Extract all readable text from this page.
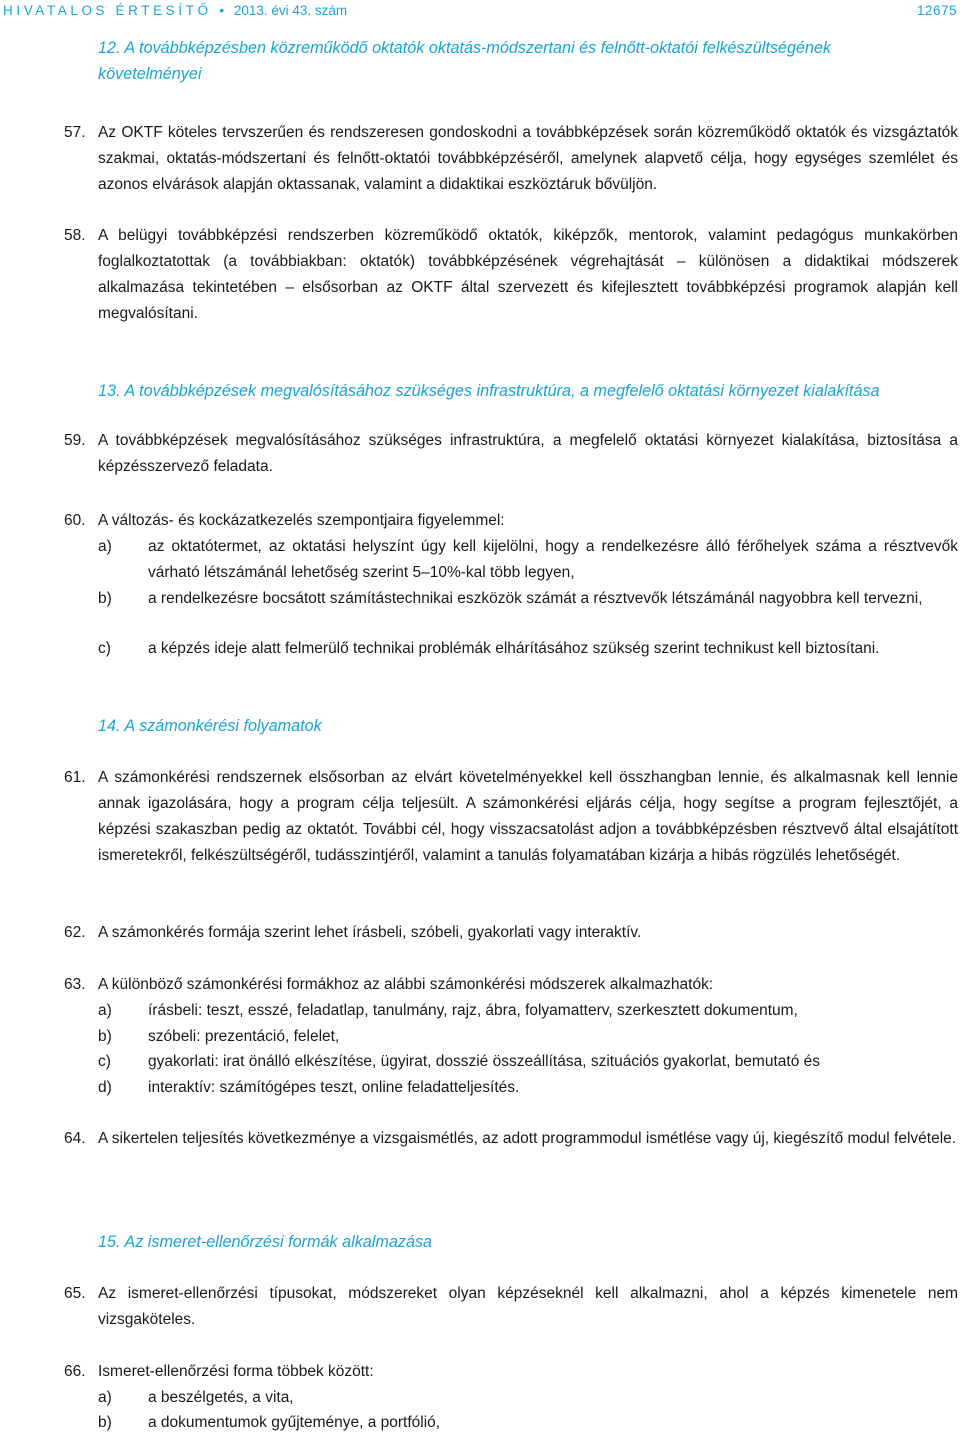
HIVATALOS ÉRTESÍTŐ • 2013. évi 43. szám	12675
12. A továbbképzésben közreműködő oktatók oktatás-módszertani és felnőtt-oktatói felkészültségének
követelményei
57. Az OKTF köteles tervszerűen és rendszeresen gondoskodni a továbbképzések során közreműködő oktatók és vizsgáztatók szakmai, oktatás-módszertani és felnőtt-oktatói továbbképzéséről, amelynek alapvető célja, hogy egységes szemlélet és azonos elvárások alapján oktassanak, valamint a didaktikai eszköztáruk bővüljön.
58. A belügyi továbbképzési rendszerben közreműködő oktatók, kiképzők, mentorok, valamint pedagógus munkakörben foglalkoztatottak (a továbbiakban: oktatók) továbbképzésének végrehajtását – különösen a didaktikai módszerek alkalmazása tekintetében – elsősorban az OKTF által szervezett és kifejlesztett továbbképzési programok alapján kell megvalósítani.
13. A továbbképzések megvalósításához szükséges infrastruktúra, a megfelelő oktatási környezet kialakítása
59. A továbbképzések megvalósításához szükséges infrastruktúra, a megfelelő oktatási környezet kialakítása, biztosítása a képzésszervező feladata.
60. A változás- és kockázatkezelés szempontjaira figyelemmel:
a) az oktatótermet, az oktatási helyszínt úgy kell kijelölni, hogy a rendelkezésre álló férőhelyek száma a résztvevők várható létszámánál lehetőség szerint 5–10%-kal több legyen,
b) a rendelkezésre bocsátott számítástechnikai eszközök számát a résztvevők létszámánál nagyobbra kell tervezni,
c) a képzés ideje alatt felmerülő technikai problémák elhárításához szükség szerint technikust kell biztosítani.
14. A számonkérési folyamatok
61. A számonkérési rendszernek elsősorban az elvárt követelményekkel kell összhangban lennie, és alkalmasnak kell lennie annak igazolására, hogy a program célja teljesült. A számonkérési eljárás célja, hogy segítse a program fejlesztőjét, a képzési szakaszban pedig az oktatót. További cél, hogy visszacsatolást adjon a továbbképzésben résztvevő által elsajátított ismeretekről, felkészültségéről, tudásszintjéről, valamint a tanulás folyamatában kizárja a hibás rögzülés lehetőségét.
62. A számonkérés formája szerint lehet írásbeli, szóbeli, gyakorlati vagy interaktív.
63. A különböző számonkérési formákhoz az alábbi számonkérési módszerek alkalmazhatók:
a) írásbeli: teszt, esszé, feladatlap, tanulmány, rajz, ábra, folyamatterv, szerkesztett dokumentum,
b) szóbeli: prezentáció, felelet,
c) gyakorlati: irat önálló elkészítése, ügyirat, dosszié összeállítása, szituációs gyakorlat, bemutató és
d) interaktív: számítógépes teszt, online feladatteljesítés.
64. A sikertelen teljesítés következménye a vizsgaismétlés, az adott programmodul ismétlése vagy új, kiegészítő modul felvétele.
15. Az ismeret-ellenőrzési formák alkalmazása
65. Az ismeret-ellenőrzési típusokat, módszereket olyan képzéseknél kell alkalmazni, ahol a képzés kimenetele nem vizsgaköteles.
66. Ismeret-ellenőrzési forma többek között:
a) a beszélgetés, a vita,
b) a dokumentumok gyűjteménye, a portfólió,
